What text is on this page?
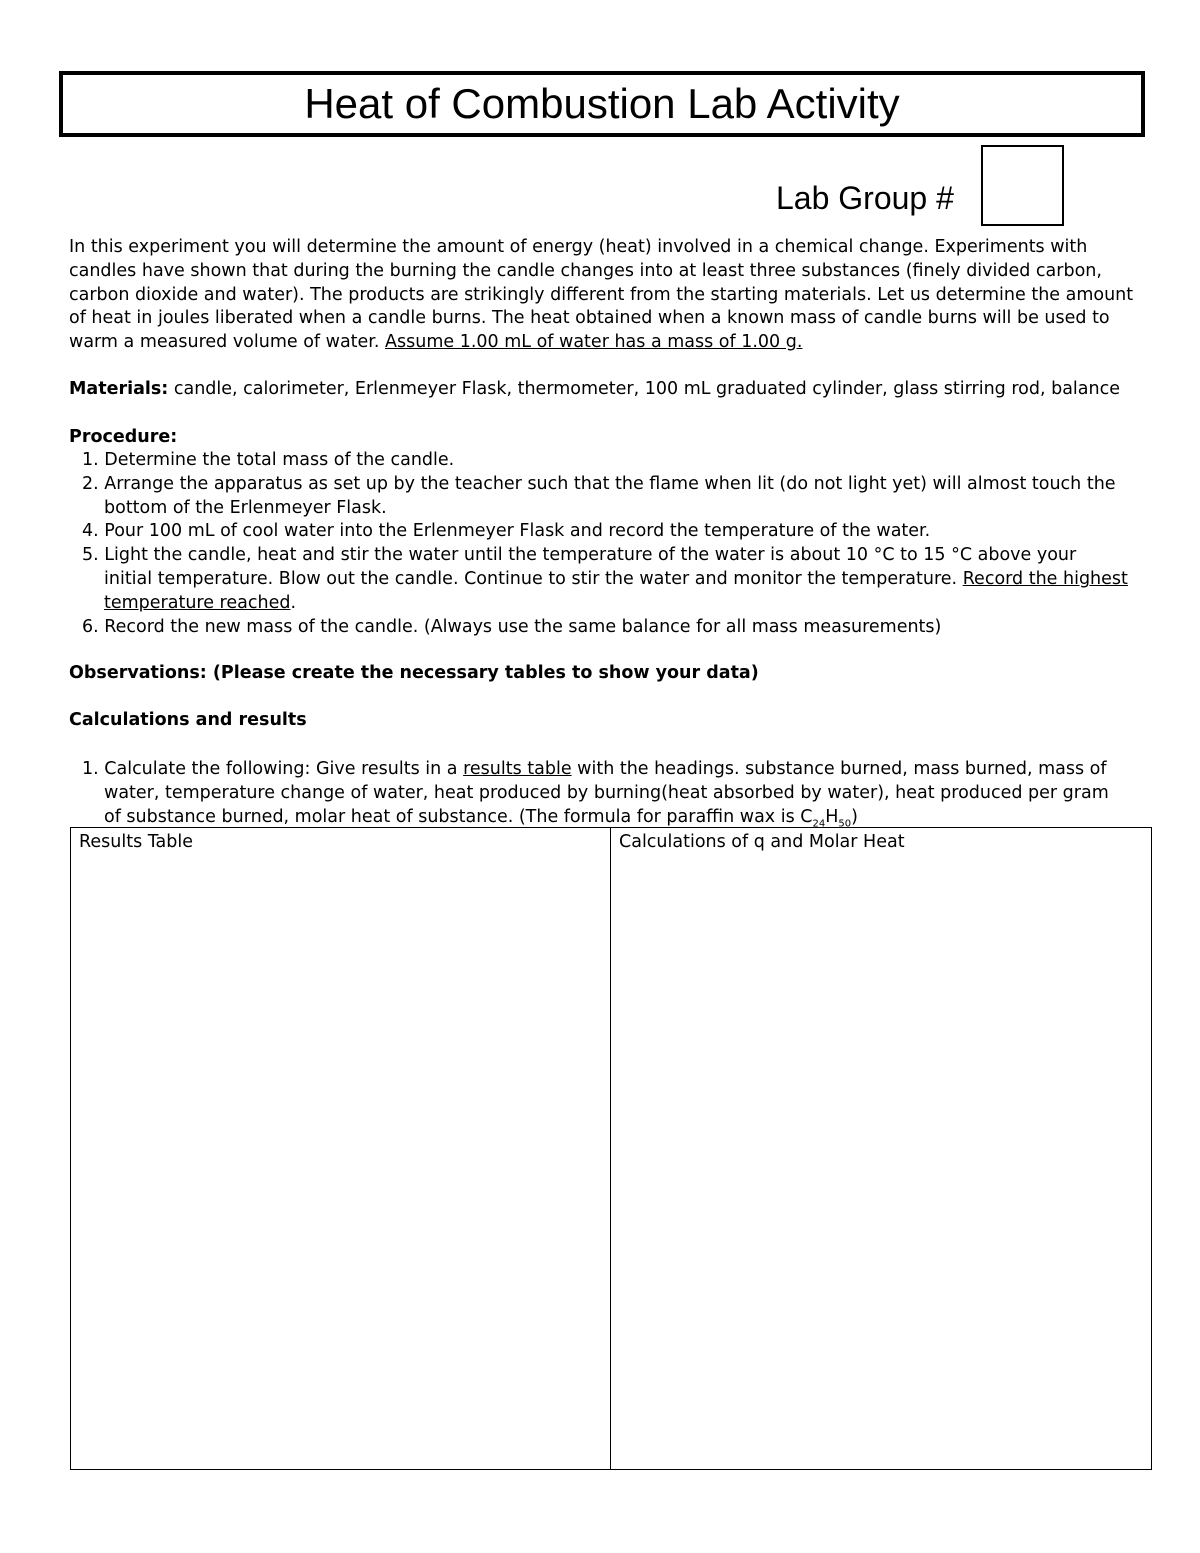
Heat of Combustion Lab Activity
Lab Group #

In this experiment you will determine the amount of energy (heat) involved in a chemical change. Experiments with candles have shown that during the burning the candle changes into at least three substances (finely divided carbon, carbon dioxide and water). The products are strikingly different from the starting materials. Let us determine the amount of heat in joules liberated when a candle burns. The heat obtained when a known mass of candle burns will be used to warm a measured volume of water. Assume 1.00 mL of water has a mass of 1.00 g.

Materials: candle, calorimeter, Erlenmeyer Flask, thermometer, 100 mL graduated cylinder, glass stirring rod, balance

Procedure:

1. Determine the total mass of the candle.
2. Arrange the apparatus as set up by the teacher such that the flame when lit (do not light yet) will almost touch the bottom of the Erlenmeyer Flask.
4. Pour 100 mL of cool water into the Erlenmeyer Flask and record the temperature of the water.
5. Light the candle, heat and stir the water until the temperature of the water is about 10 °C to 15 °C above your initial temperature. Blow out the candle. Continue to stir the water and monitor the temperature. Record the highest temperature reached.
6. Record the new mass of the candle. (Always use the same balance for all mass measurements)

Observations: (Please create the necessary tables to show your data)

Calculations and results

1. Calculate the following: Give results in a results table with the headings. substance burned, mass burned, mass of water, temperature change of water, heat produced by burning(heat absorbed by water), heat produced per gram of substance burned, molar heat of substance. (The formula for paraffin wax is $C_{24}H_{50}$)

Results Table	Calculations of q and Molar Heat
